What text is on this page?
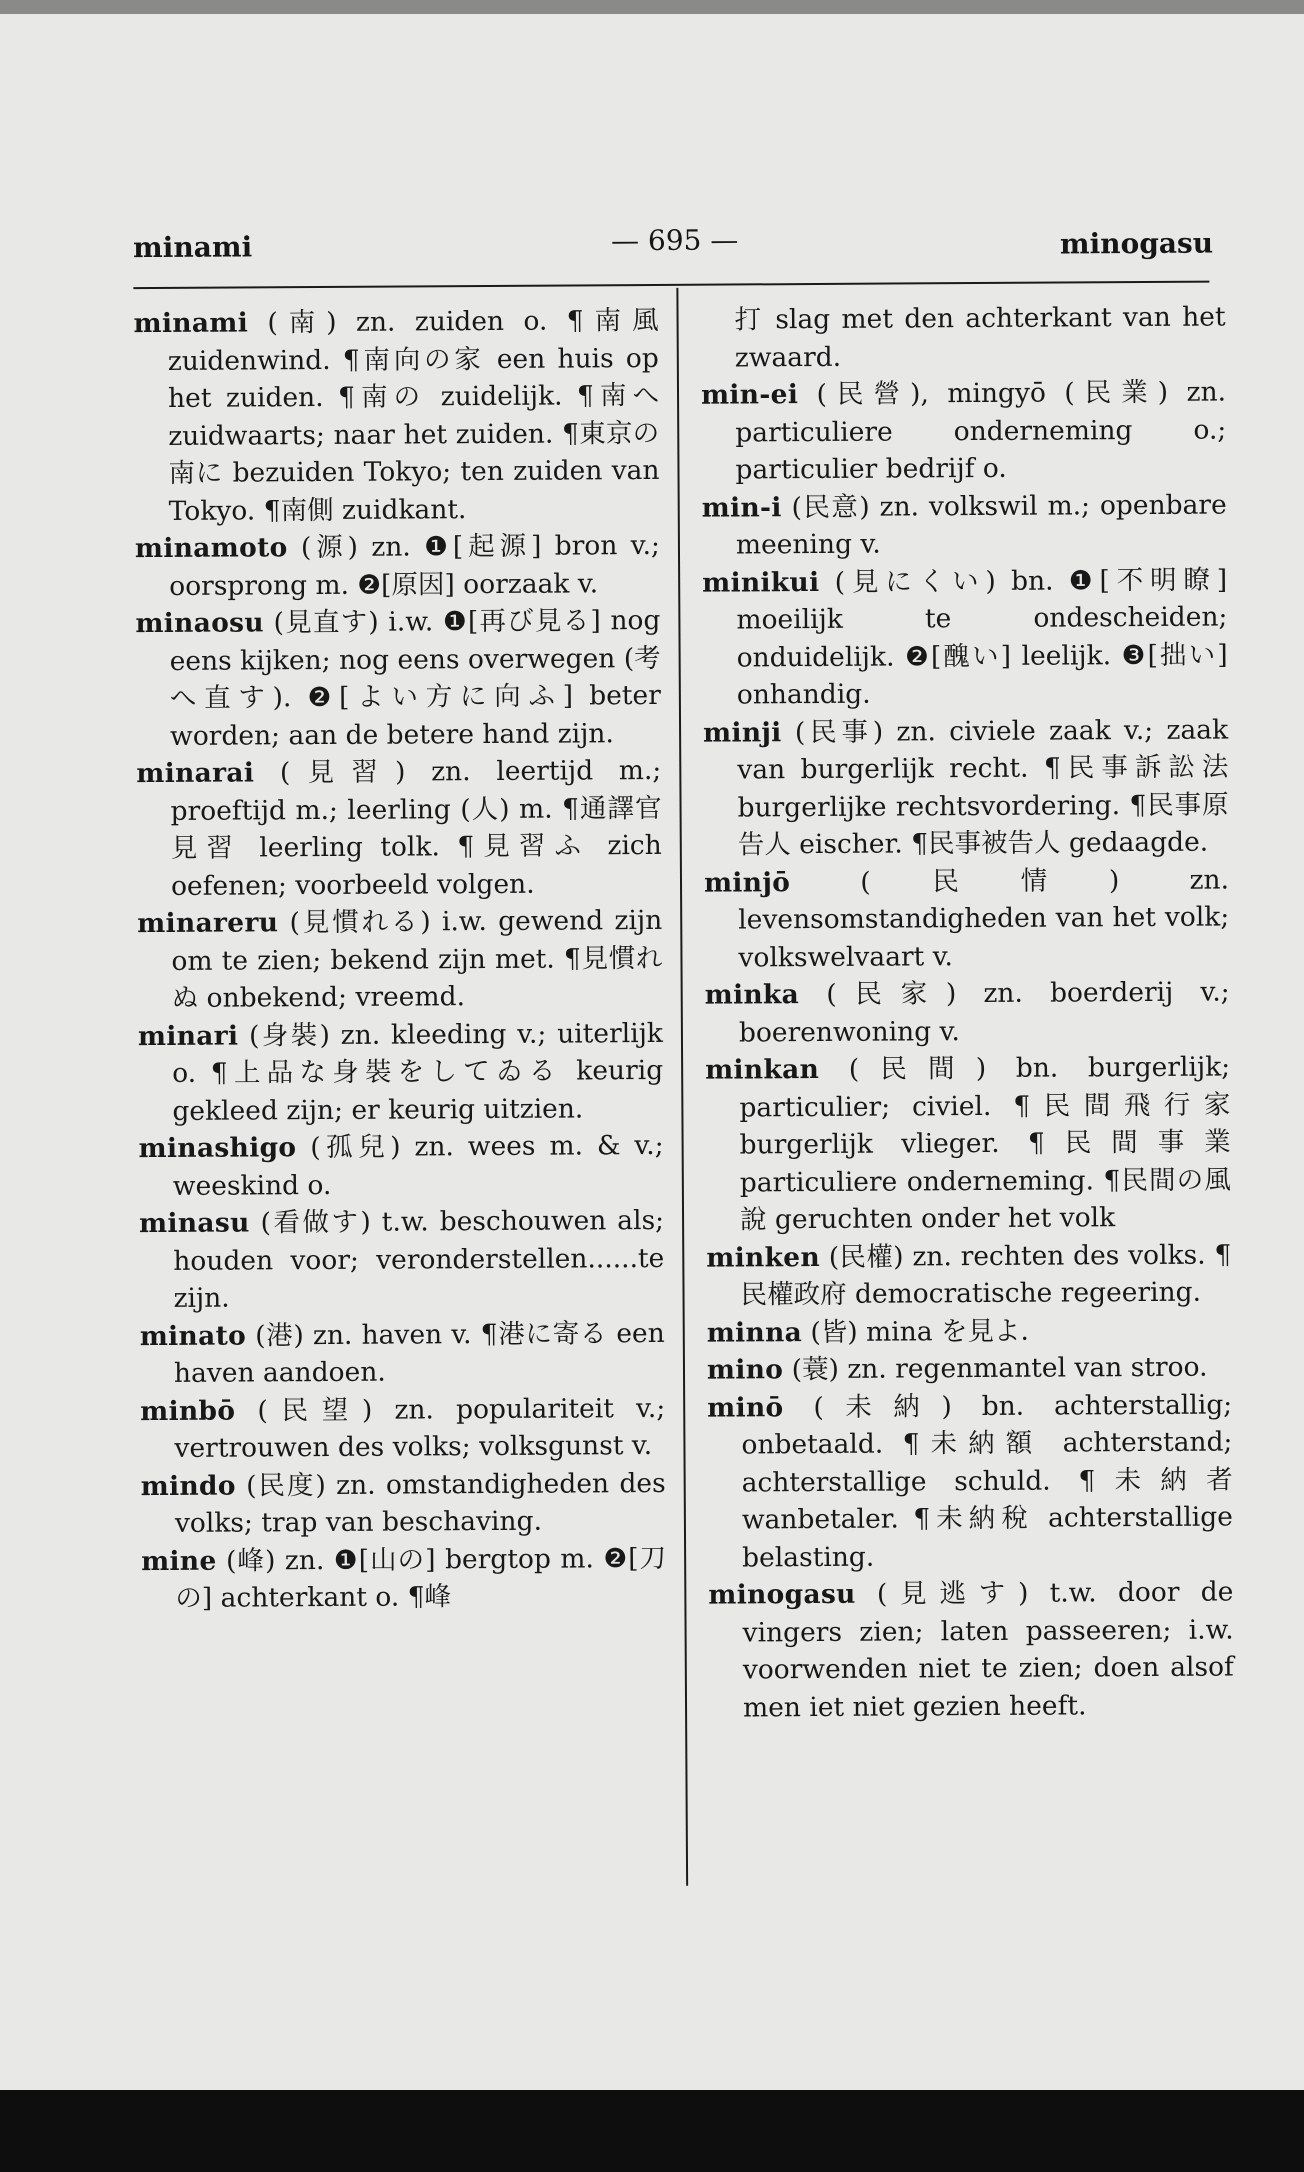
minami	— 695 —	minogasu

minami (南) zn. zuiden o. ¶南風 zuidenwind. ¶南向の家 een huis op het zuiden. ¶南の zuidelijk. ¶南へ zuidwaarts; naar het zuiden. ¶東京の南に bezuiden Tokyo; ten zuiden van Tokyo. ¶南側 zuidkant.

minamoto (源) zn. ❶[起源] bron v.; oorsprong m. ❷[原因] oorzaak v.

minaosu (見直す) i.w. ❶[再び見る] nog eens kijken; nog eens overwegen (考へ直す). ❷[よい方に向ふ] beter worden; aan de betere hand zijn.

minarai (見習) zn. leertijd m.; proeftijd m.; leerling (人) m. ¶通譯官見習 leerling tolk. ¶見習ふ zich oefenen; voorbeeld volgen.

minareru (見慣れる) i.w. gewend zijn om te zien; bekend zijn met. ¶見慣れぬ onbekend; vreemd.

minari (身裝) zn. kleeding v.; uiterlijk o. ¶上品な身裝をしてゐる keurig gekleed zijn; er keurig uitzien.

minashigo (孤兒) zn. wees m. & v.; weeskind o.

minasu (看做す) t.w. beschouwen als; houden voor; veronderstellen......te zijn.

minato (港) zn. haven v. ¶港に寄る een haven aandoen.

minbō (民望) zn. populariteit v.; vertrouwen des volks; volksgunst v.

mindo (民度) zn. omstandigheden des volks; trap van beschaving.

mine (峰) zn. ❶[山の] bergtop m. ❷[刀の] achterkant o. ¶峰

打 slag met den achterkant van het zwaard.

min-ei (民營), mingyō (民業) zn. particuliere onderneming o.; particulier bedrijf o.

min-i (民意) zn. volkswil m.; openbare meening v.

minikui (見にくい) bn. ❶[不明瞭] moeilijk te ondescheiden; onduidelijk. ❷[醜い] leelijk. ❸[拙い] onhandig.

minji (民事) zn. civiele zaak v.; zaak van burgerlijk recht. ¶民事訴訟法 burgerlijke rechtsvordering. ¶民事原告人 eischer. ¶民事被告人 gedaagde.

minjō	(民情) zn. levensomstandigheden van het volk; volkswelvaart v.

minka (民家) zn. boerderij v.; boerenwoning v.

minkan (民間) bn. burgerlijk; particulier; civiel. ¶民間飛行家 burgerlijk vlieger. ¶民間事業 particuliere onderneming. ¶民間の風說 geruchten onder het volk

minken (民權) zn. rechten des volks. ¶民權政府 democratische regeering.

minna (皆) mina を見よ.

mino (蓑) zn. regenmantel van stroo.

minō (未納) bn. achterstallig; onbetaald. ¶未納額 achterstand; achterstallige schuld. ¶未納者 wanbetaler. ¶未納稅 achterstallige belasting.

minogasu (見逃す) t.w. door de vingers zien; laten passeeren; i.w. voorwenden niet te zien; doen alsof men iet niet gezien heeft.
